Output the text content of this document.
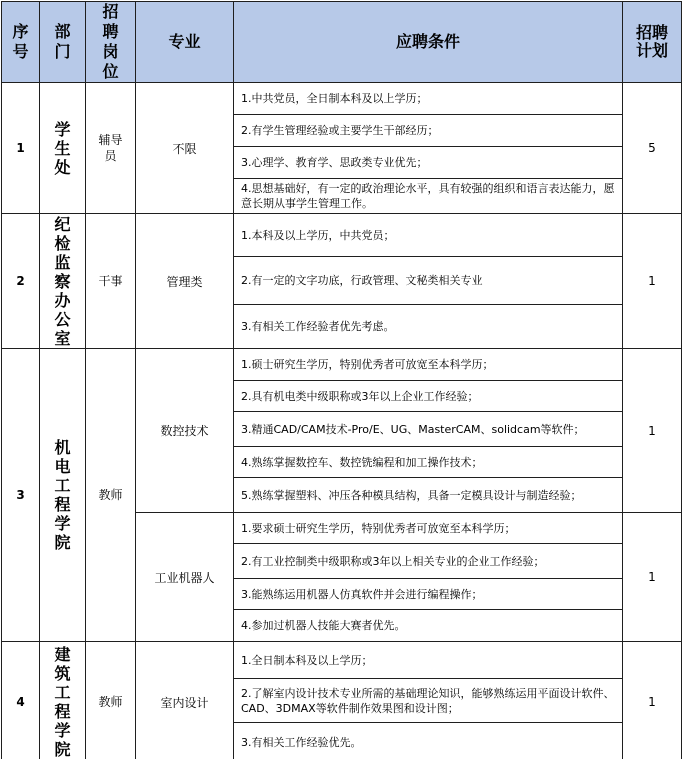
序号	部门	招聘岗位	专业	应聘条件	招聘计划
1	学生处	辅导员	不限	1.中共党员，全日制本科及以上学历；	5
				2.有学生管理经验或主要学生干部经历；	
				3.心理学、教育学、思政类专业优先；	
				4.思想基础好，有一定的政治理论水平，具有较强的组织和语言表达能力，愿意长期从事学生管理工作。	
2	纪检监察办公室	干事	管理类	1.本科及以上学历，中共党员；	1
				2.有一定的文字功底，行政管理、文秘类相关专业	
				3.有相关工作经验者优先考虑。	
3	机电工程学院	教师	数控技术	1.硕士研究生学历，特别优秀者可放宽至本科学历；	1
				2.具有机电类中级职称或3年以上企业工作经验；	
				3.精通CAD/CAM技术-Pro/E、UG、MasterCAM、solidcam等软件；	
				4.熟练掌握数控车、数控铣编程和加工操作技术；	
				5.熟练掌握塑料、冲压各种模具结构，具备一定模具设计与制造经验；	
			工业机器人	1.要求硕士研究生学历，特别优秀者可放宽至本科学历；	1
				2.有工业控制类中级职称或3年以上相关专业的企业工作经验；	
				3.能熟练运用机器人仿真软件并会进行编程操作；	
				4.参加过机器人技能大赛者优先。	
4	建筑工程学院	教师	室内设计	1.全日制本科及以上学历；	1
				2.了解室内设计技术专业所需的基础理论知识，能够熟练运用平面设计软件、CAD、3DMAX等软件制作效果图和设计图；	
				3.有相关工作经验优先。	
